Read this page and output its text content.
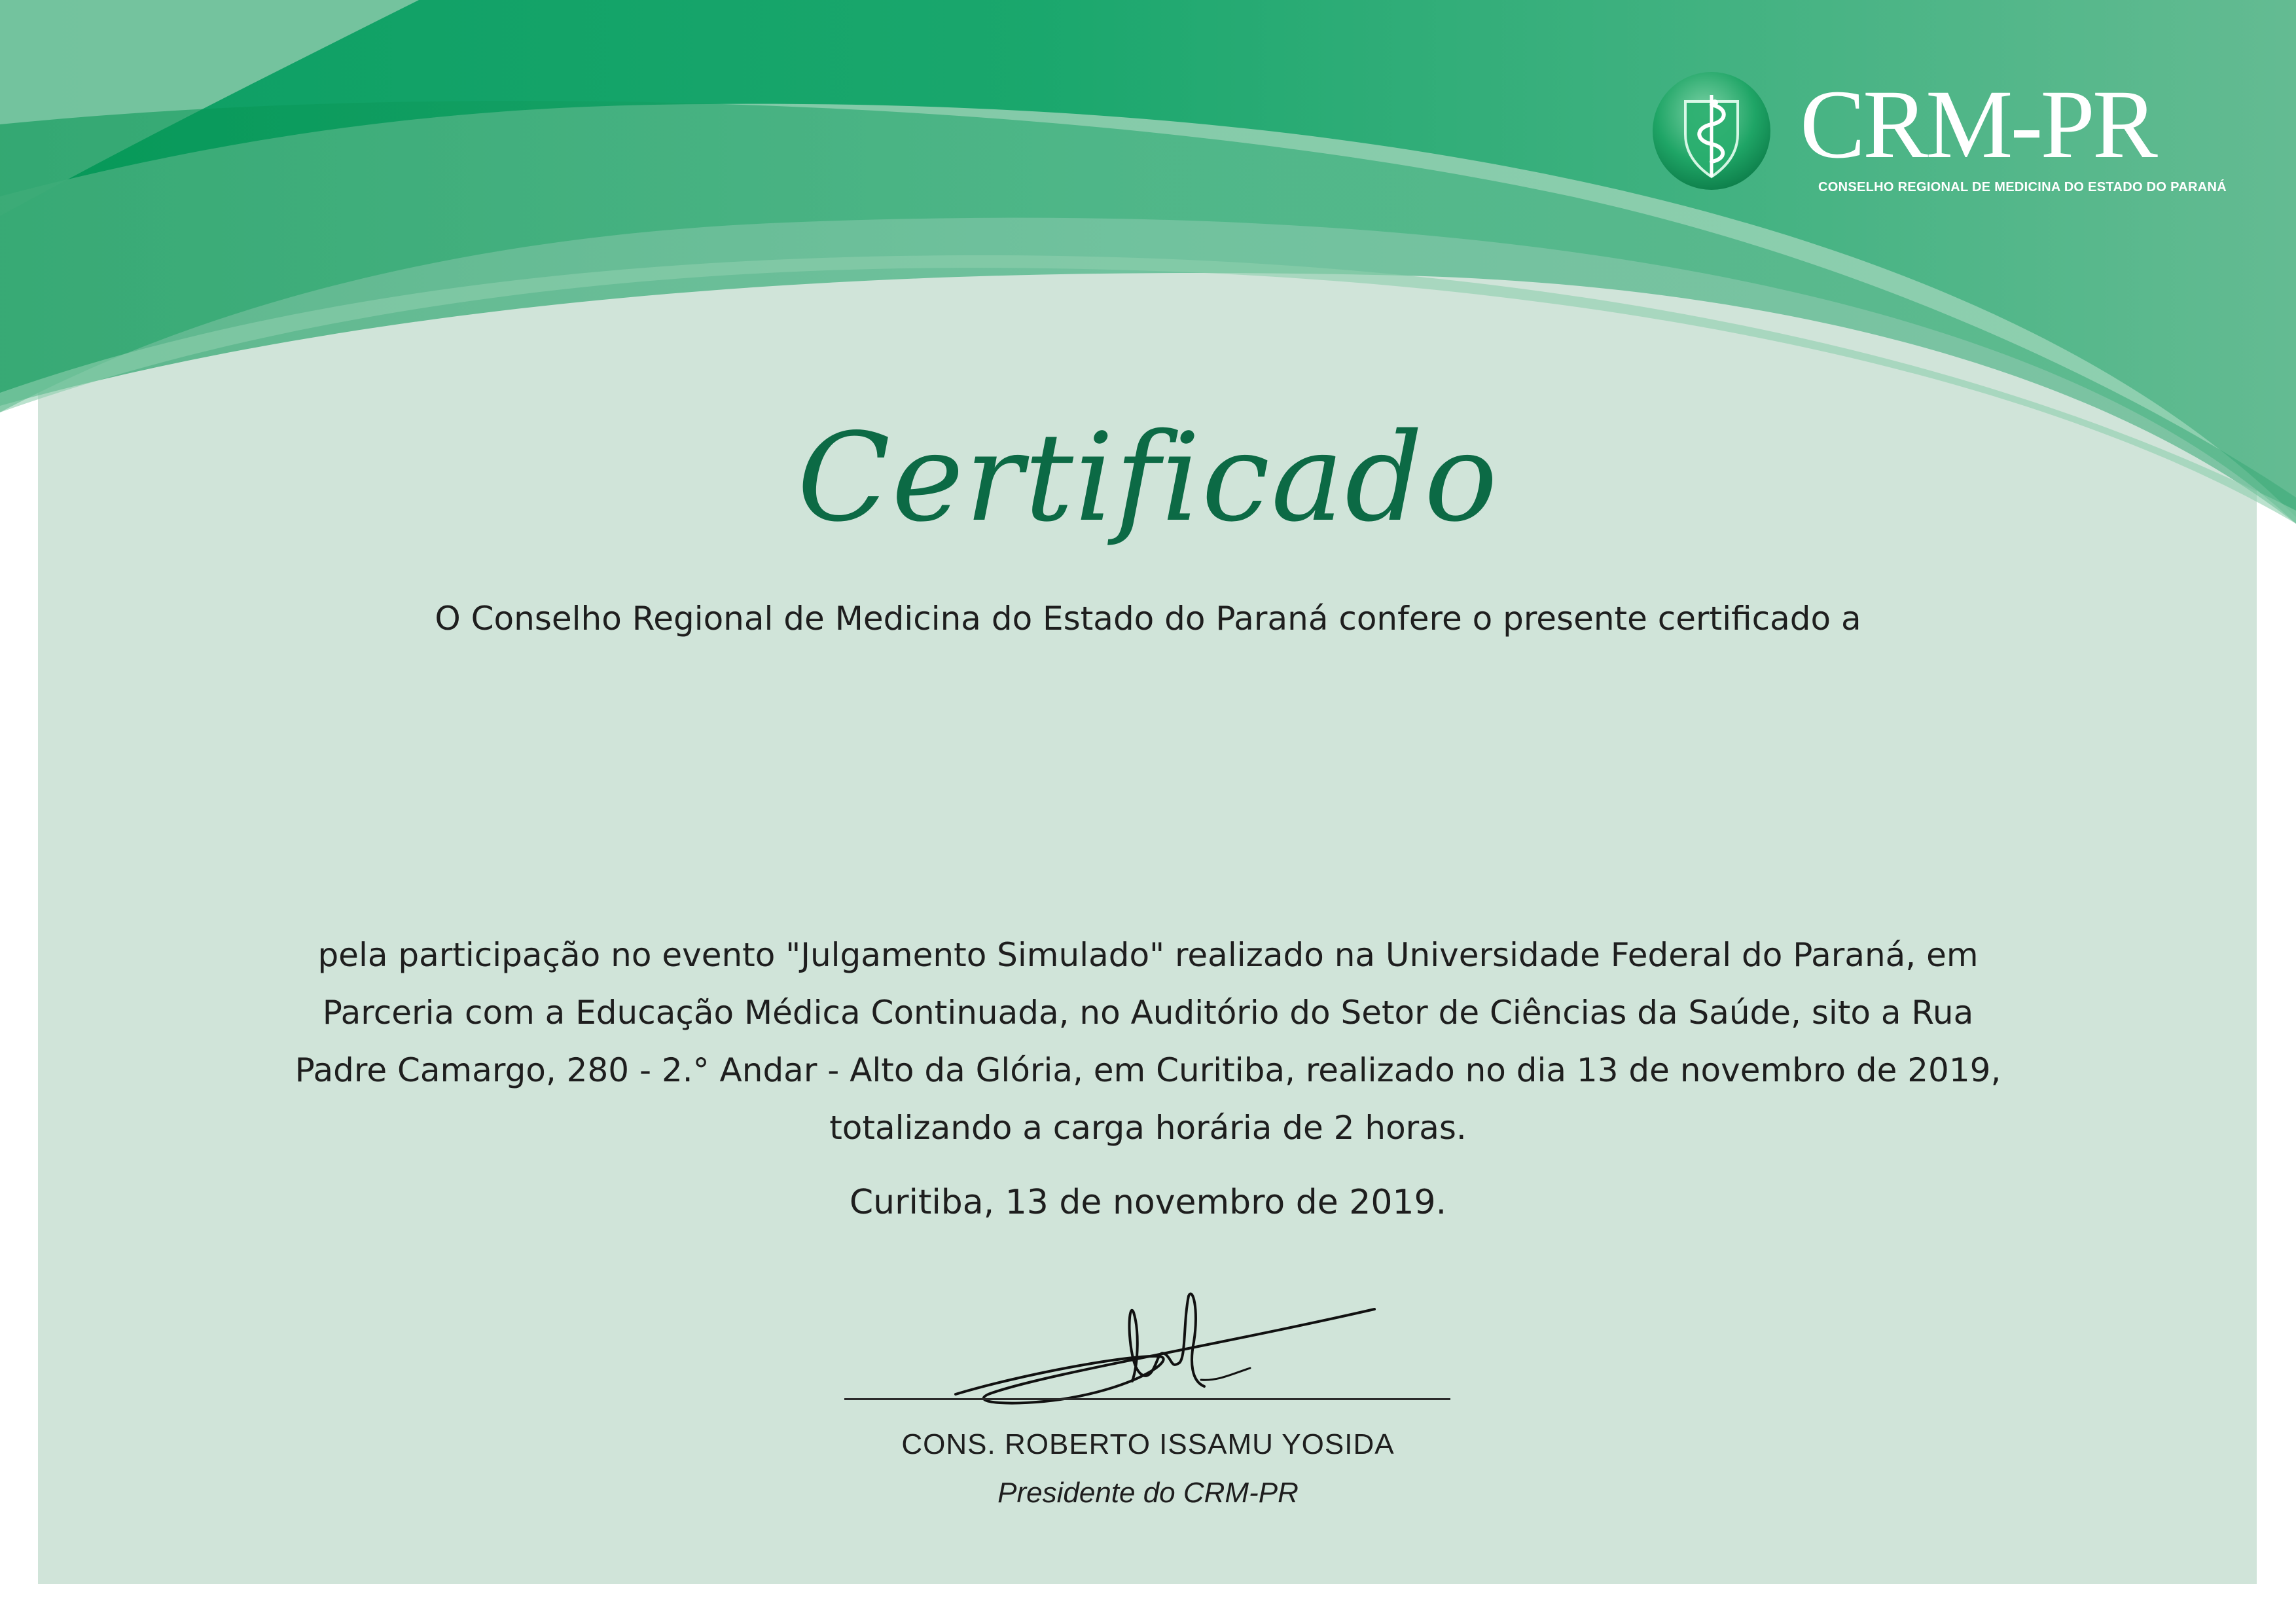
CRM-PR
CONSELHO REGIONAL DE MEDICINA DO ESTADO DO PARANÁ
Certificado
O Conselho Regional de Medicina do Estado do Paraná confere o presente certificado a
pela participação no evento "Julgamento Simulado" realizado na Universidade Federal do Paraná, em Parceria com a Educação Médica Continuada, no Auditório do Setor de Ciências da Saúde, sito a Rua Padre Camargo, 280 - 2.° Andar - Alto da Glória, em Curitiba, realizado no dia 13 de novembro de 2019, totalizando a carga horária de 2 horas.
Curitiba, 13 de novembro de 2019.
CONS. ROBERTO ISSAMU YOSIDA
Presidente do CRM-PR
